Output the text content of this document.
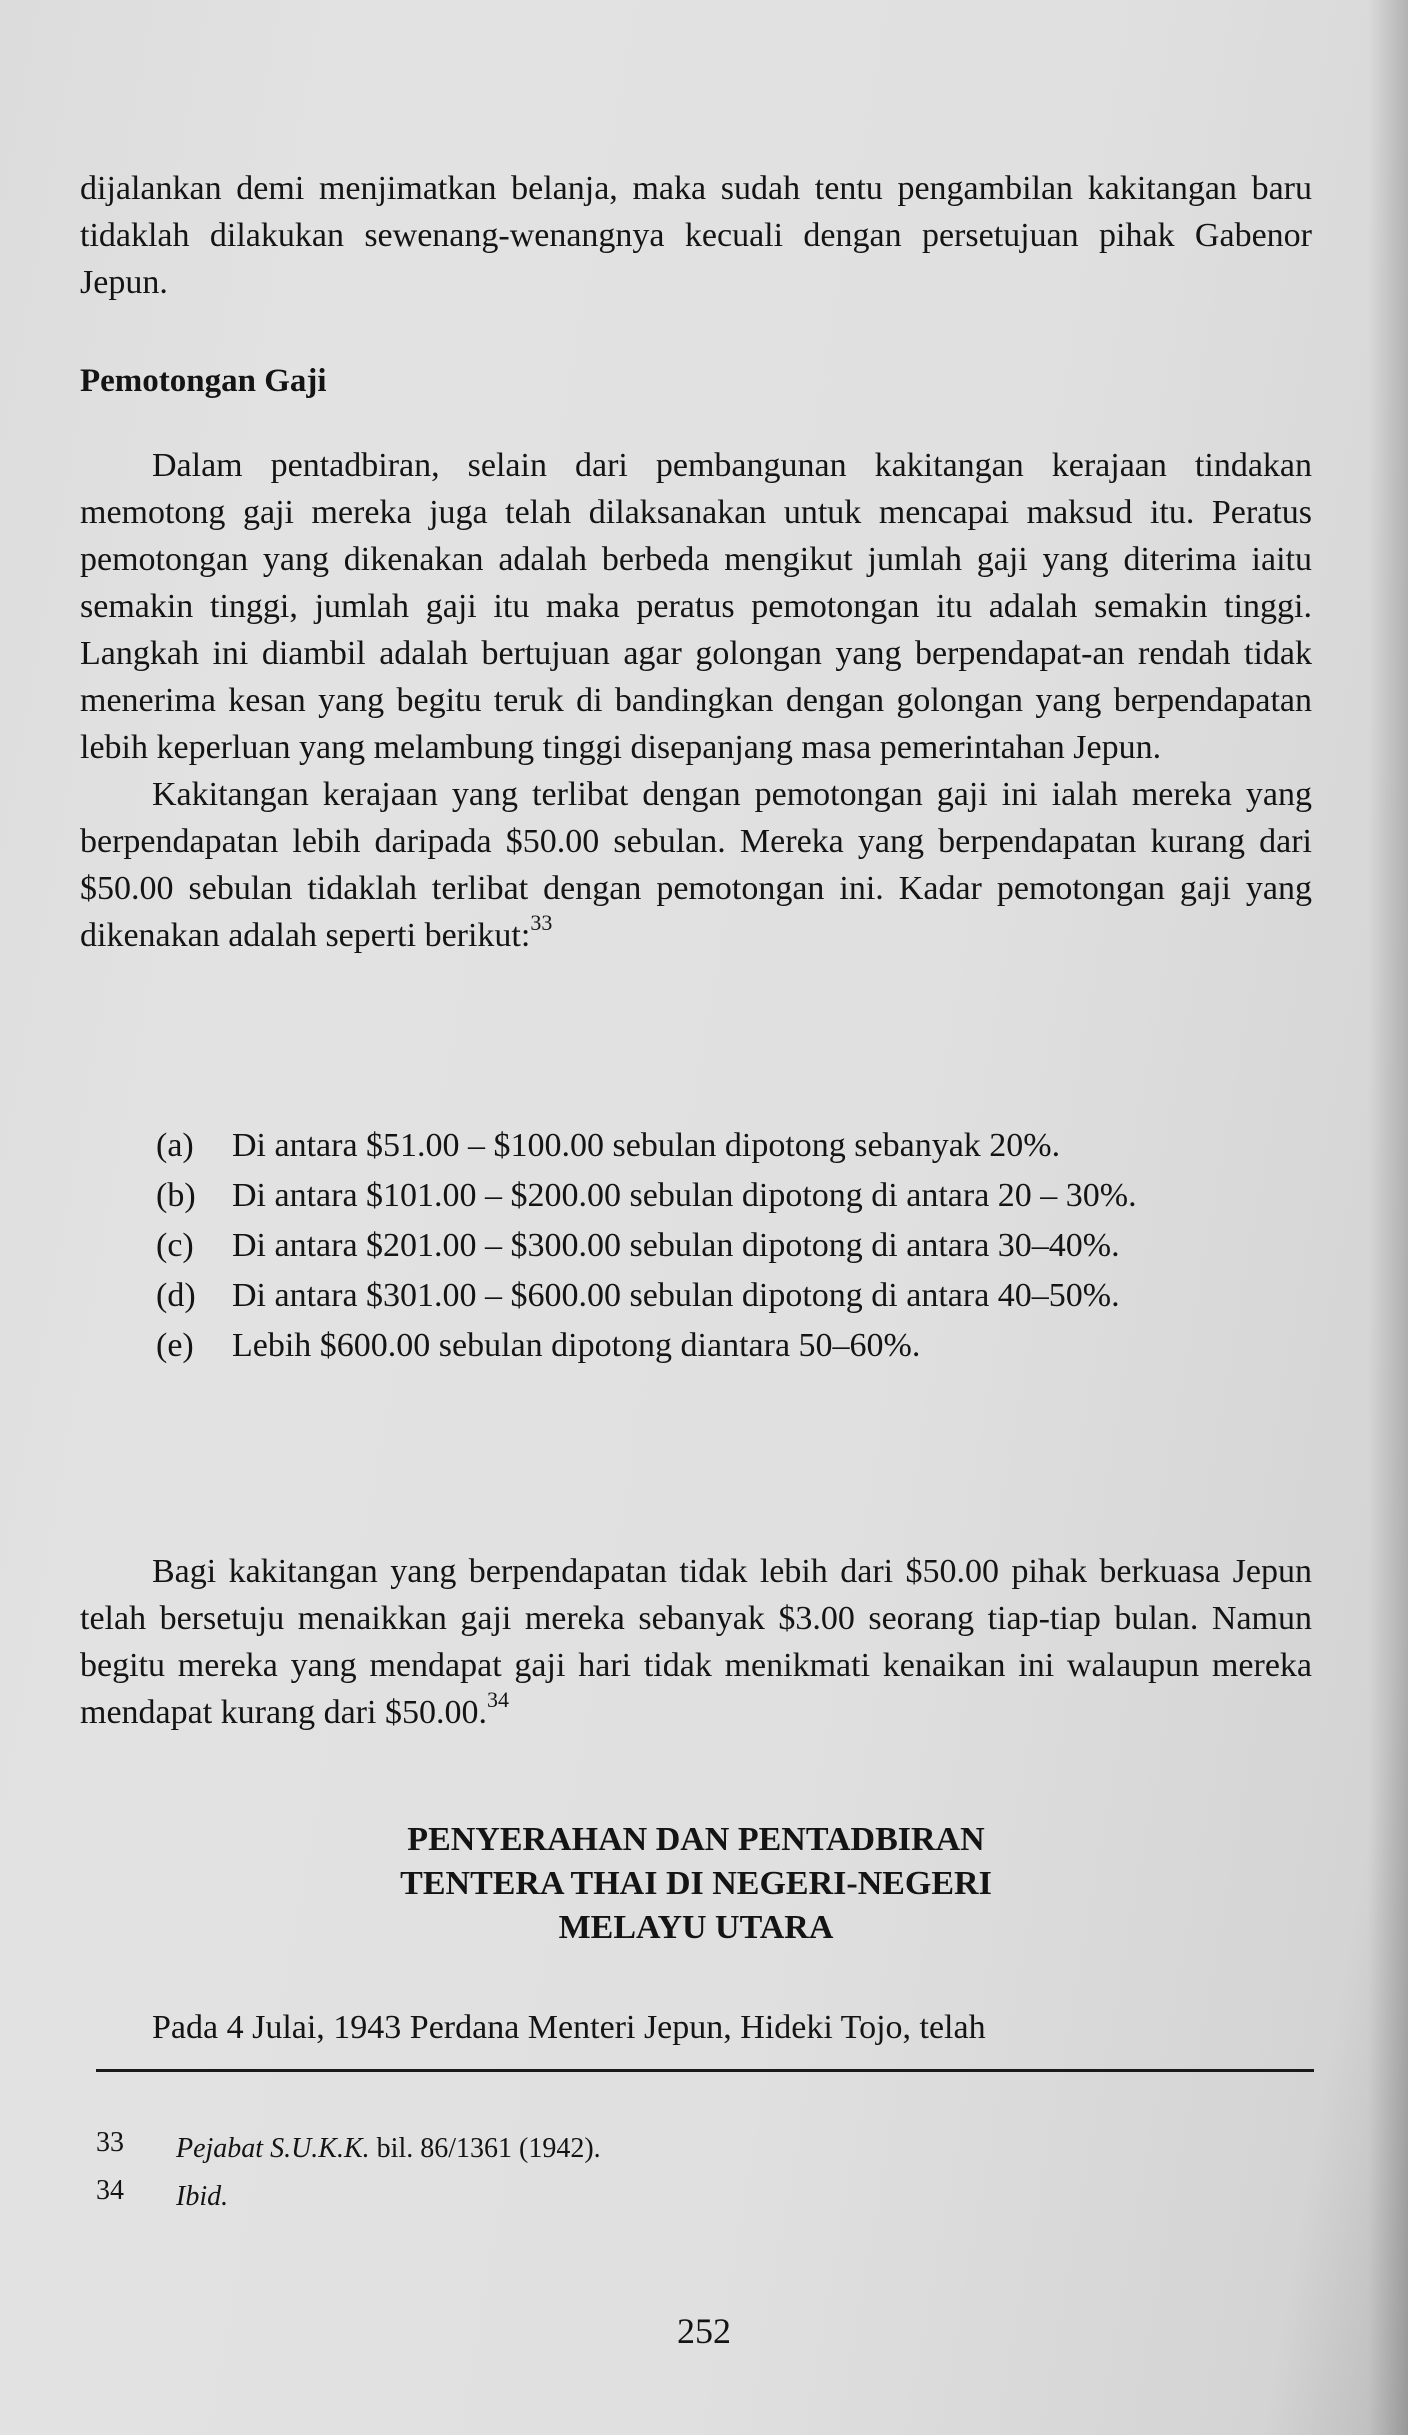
dijalankan demi menjimatkan belanja, maka sudah tentu pengambilan kakitangan baru tidaklah dilakukan sewenang-wenangnya kecuali dengan persetujuan pihak Gabenor Jepun.

Pemotongan Gaji

Dalam pentadbiran, selain dari pembangunan kakitangan kerajaan tindakan memotong gaji mereka juga telah dilaksanakan untuk mencapai maksud itu. Peratus pemotongan yang dikenakan adalah berbeda mengikut jumlah gaji yang diterima iaitu semakin tinggi, jumlah gaji itu maka peratus pemotongan itu adalah semakin tinggi. Langkah ini diambil adalah bertujuan agar golongan yang berpendapat-an rendah tidak menerima kesan yang begitu teruk di bandingkan dengan golongan yang berpendapatan lebih keperluan yang melambung tinggi disepanjang masa pemerintahan Jepun.

Kakitangan kerajaan yang terlibat dengan pemotongan gaji ini ialah mereka yang berpendapatan lebih daripada $50.00 sebulan. Mereka yang berpendapatan kurang dari $50.00 sebulan tidaklah terlibat dengan pemotongan ini. Kadar pemotongan gaji yang dikenakan adalah seperti berikut:$^{33}$

(a) Di antara $51.00 – $100.00 sebulan dipotong sebanyak 20%.
(b) Di antara $101.00 – $200.00 sebulan dipotong di antara 20 – 30%.
(c) Di antara $201.00 – $300.00 sebulan dipotong di antara 30–40%.
(d) Di antara $301.00 – $600.00 sebulan dipotong di antara 40–50%.
(e) Lebih $600.00 sebulan dipotong diantara 50–60%.

Bagi kakitangan yang berpendapatan tidak lebih dari $50.00 pihak berkuasa Jepun telah bersetuju menaikkan gaji mereka sebanyak $3.00 seorang tiap-tiap bulan. Namun begitu mereka yang mendapat gaji hari tidak menikmati kenaikan ini walaupun mereka mendapat kurang dari $50.00.34

PENYERAHAN DAN PENTADBIRAN
TENTERA THAI DI NEGERI-NEGERI
MELAYU UTARA

Pada 4 Julai, 1943 Perdana Menteri Jepun, Hideki Tojo, telah

33 Pejabat S.U.K.K. bil. 86/1361 (1942).
34 Ibid.
252
